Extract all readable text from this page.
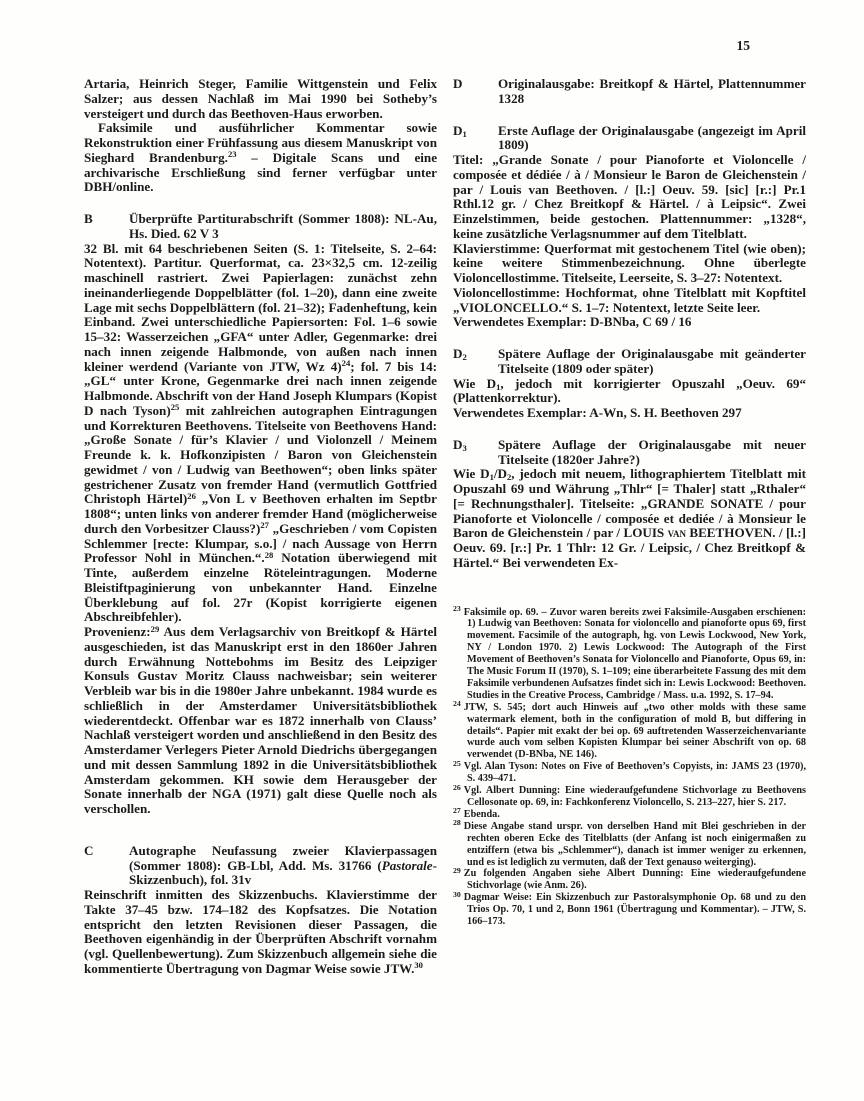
15

Artaria, Heinrich Steger, Familie Wittgenstein und Felix Salzer; aus dessen Nachlaß im Mai 1990 bei Sotheby’s versteigert und durch das Beethoven-Haus erworben.

Faksimile und ausführlicher Kommentar sowie Rekonstruktion einer Frühfassung aus diesem Manuskript von Sieghard Brandenburg.$^{23}$ – Digitale Scans und eine archivarische Erschließung sind ferner verfügbar unter DBH/online.

B	Überprüfte Partiturabschrift (Sommer 1808): NL-Au, Hs. Died. 62 V 3

32 Bl. mit 64 beschriebenen Seiten (S. 1: Titelseite, S. 2–64: Notentext). Partitur. Querformat, ca. 23×32,5 cm. 12-zeilig maschinell rastriert. Zwei Papierlagen: zunächst zehn ineinanderliegende Doppelblätter (fol. 1–20), dann eine zweite Lage mit sechs Doppelblättern (fol. 21–32); Fadenheftung, kein Einband. Zwei unterschiedliche Papiersorten: Fol. 1–6 sowie 15–32: Wasserzeichen „GFA“ unter Adler, Gegenmarke: drei nach innen zeigende Halbmonde, von außen nach innen kleiner werdend (Variante von JTW, Wz 4)$^{24}$; fol. 7 bis 14: „GL“ unter Krone, Gegenmarke drei nach innen zeigende Halbmonde. Abschrift von der Hand Joseph Klumpars (Kopist D nach Tyson)$^{25}$ mit zahlreichen autographen Eintragungen und Korrekturen Beethovens. Titelseite von Beethovens Hand: „Große Sonate / für’s Klavier / und Violonzell / Meinem Freunde k. k. Hofkonzipisten / Baron von Gleichenstein gewidmet / von / Ludwig van Beethowen“; oben links später gestrichener Zusatz von fremder Hand (vermutlich Gottfried Christoph Härtel)$^{26}$ „Von L v Beethoven erhalten im Septbr 1808“; unten links von anderer fremder Hand (möglicherweise durch den Vorbesitzer Clauss?)$^{27}$ „Geschrieben / vom Copisten Schlemmer [recte: Klumpar, s.o.] / nach Aussage von Herrn Professor Nohl in München.“.$^{28}$ Notation überwiegend mit Tinte, außerdem einzelne Röteleintragungen. Moderne Bleistiftpaginierung von unbekannter Hand. Einzelne Überklebung auf fol. 27r (Kopist korrigierte eigenen Abschreibfehler).

Provenienz:$^{29}$ Aus dem Verlagsarchiv von Breitkopf & Härtel ausgeschieden, ist das Manuskript erst in den 1860er Jahren durch Erwähnung Nottebohms im Besitz des Leipziger Konsuls Gustav Moritz Clauss nachweisbar; sein weiterer Verbleib war bis in die 1980er Jahre unbekannt. 1984 wurde es schließlich in der Amsterdamer Universitätsbibliothek wiederentdeckt. Offenbar war es 1872 innerhalb von Clauss’ Nachlaß versteigert worden und anschließend in den Besitz des Amsterdamer Verlegers Pieter Arnold Diedrichs übergegangen und mit dessen Sammlung 1892 in die Universitätsbibliothek Amsterdam gekommen. KH sowie dem Herausgeber der Sonate innerhalb der NGA (1971) galt diese Quelle noch als verschollen.

C	Autographe Neufassung zweier Klavierpassagen (Sommer 1808): GB-Lbl, Add. Ms. 31766 (Pastorale-Skizzenbuch), fol. 31v

Reinschrift inmitten des Skizzenbuchs. Klavierstimme der Takte 37–45 bzw. 174–182 des Kopfsatzes. Die Notation entspricht den letzten Revisionen dieser Passagen, die Beethoven eigenhändig in der Überprüften Abschrift vornahm (vgl. Quellenbewertung). Zum Skizzenbuch allgemein siehe die kommentierte Übertragung von Dagmar Weise sowie JTW.$^{30}$

D	Originalausgabe: Breitkopf & Härtel, Plattennummer 1328

$D_1$ Erste Auflage der Originalausgabe (angezeigt im April 1809)

Titel: „Grande Sonate / pour Pianoforte et Violoncelle / composée et dédiée / à / Monsieur le Baron de Gleichenstein / par / Louis van Beethoven. / [l.:] Oeuv. 59. [sic] [r.:] Pr.1 Rthl.12 gr. / Chez Breitkopf & Härtel. / à Leipsic“. Zwei Einzelstimmen, beide gestochen. Plattennummer: „1328“, keine zusätzliche Verlagsnummer auf dem Titelblatt.

Klavierstimme: Querformat mit gestochenem Titel (wie oben); keine weitere Stimmenbezeichnung. Ohne überlegte Violoncellostimme. Titelseite, Leerseite, S. 3–27: Notentext.

Violoncellostimme: Hochformat, ohne Titelblatt mit Kopftitel „VIOLONCELLO.“ S. 1–7: Notentext, letzte Seite leer.

Verwendetes Exemplar: D-BNba, C 69 / 16

$D_2$ Spätere Auflage der Originalausgabe mit geänderter Titelseite (1809 oder später)

Wie $D_1$, jedoch mit korrigierter Opuszahl „Oeuv. 69“ (Plattenkorrektur).

Verwendetes Exemplar: A-Wn, S. H. Beethoven 297

$D_3$ Spätere Auflage der Originalausgabe mit neuer Titelseite (1820er Jahre?)

Wie $D_1/D_2$, jedoch mit neuem, lithographiertem Titelblatt mit Opuszahl 69 und Währung „Thlr“ [= Thaler] statt „Rthaler“ [= Rechnungsthaler]. Titelseite: „GRANDE SONATE / pour Pianoforte et Violoncelle / composée et dediée / à Monsieur le Baron de Gleichenstein / par / LOUIS van BEETHOVEN. / [l.:] Oeuv. 69. [r.:] Pr. 1 Thlr: 12 Gr. / Leipsic, / Chez Breitkopf & Härtel.“ Bei verwendeten Ex-

$^{23}$ Faksimile op. 69. – Zuvor waren bereits zwei Faksimile-Ausgaben erschienen: 1) Ludwig van Beethoven: Sonata for violoncello and pianoforte opus 69, first movement. Facsimile of the autograph, hg. von Lewis Lockwood, New York, NY / London 1970. 2) Lewis Lockwood: The Autograph of the First Movement of Beethoven’s Sonata for Violoncello and Pianoforte, Opus 69, in: The Music Forum II (1970), S. 1–109; eine überarbeitete Fassung des mit dem Faksimile verbundenen Aufsatzes findet sich in: Lewis Lockwood: Beethoven. Studies in the Creative Process, Cambridge / Mass. u.a. 1992, S. 17–94.

$^{24}$ JTW, S. 545; dort auch Hinweis auf „two other molds with these same watermark element, both in the configuration of mold B, but differing in details“. Papier mit exakt der bei op. 69 auftretenden Wasserzeichenvariante wurde auch vom selben Kopisten Klumpar bei seiner Abschrift von op. 68 verwendet (D-BNba, NE 146).

$^{25}$ Vgl. Alan Tyson: Notes on Five of Beethoven’s Copyists, in: JAMS 23 (1970), S. 439–471.

$^{26}$ Vgl. Albert Dunning: Eine wiederaufgefundene Stichvorlage zu Beethovens Cellosonate op. 69, in: Fachkonferenz Violoncello, S. 213–227, hier S. 217.

$^{27}$ Ebenda.

$^{28}$ Diese Angabe stand urspr. von derselben Hand mit Blei geschrieben in der rechten oberen Ecke des Titelblatts (der Anfang ist noch einigermaßen zu entziffern (etwa bis „Schlemmer“), danach ist immer weniger zu erkennen, und es ist lediglich zu vermuten, daß der Text genauso weiterging).

$^{29}$ Zu folgenden Angaben siehe Albert Dunning: Eine wiederaufgefundene Stichvorlage (wie Anm. 26).

$^{30}$ Dagmar Weise: Ein Skizzenbuch zur Pastoralsymphonie Op. 68 und zu den Trios Op. 70, 1 und 2, Bonn 1961 (Übertragung und Kommentar). – JTW, S. 166–173.
